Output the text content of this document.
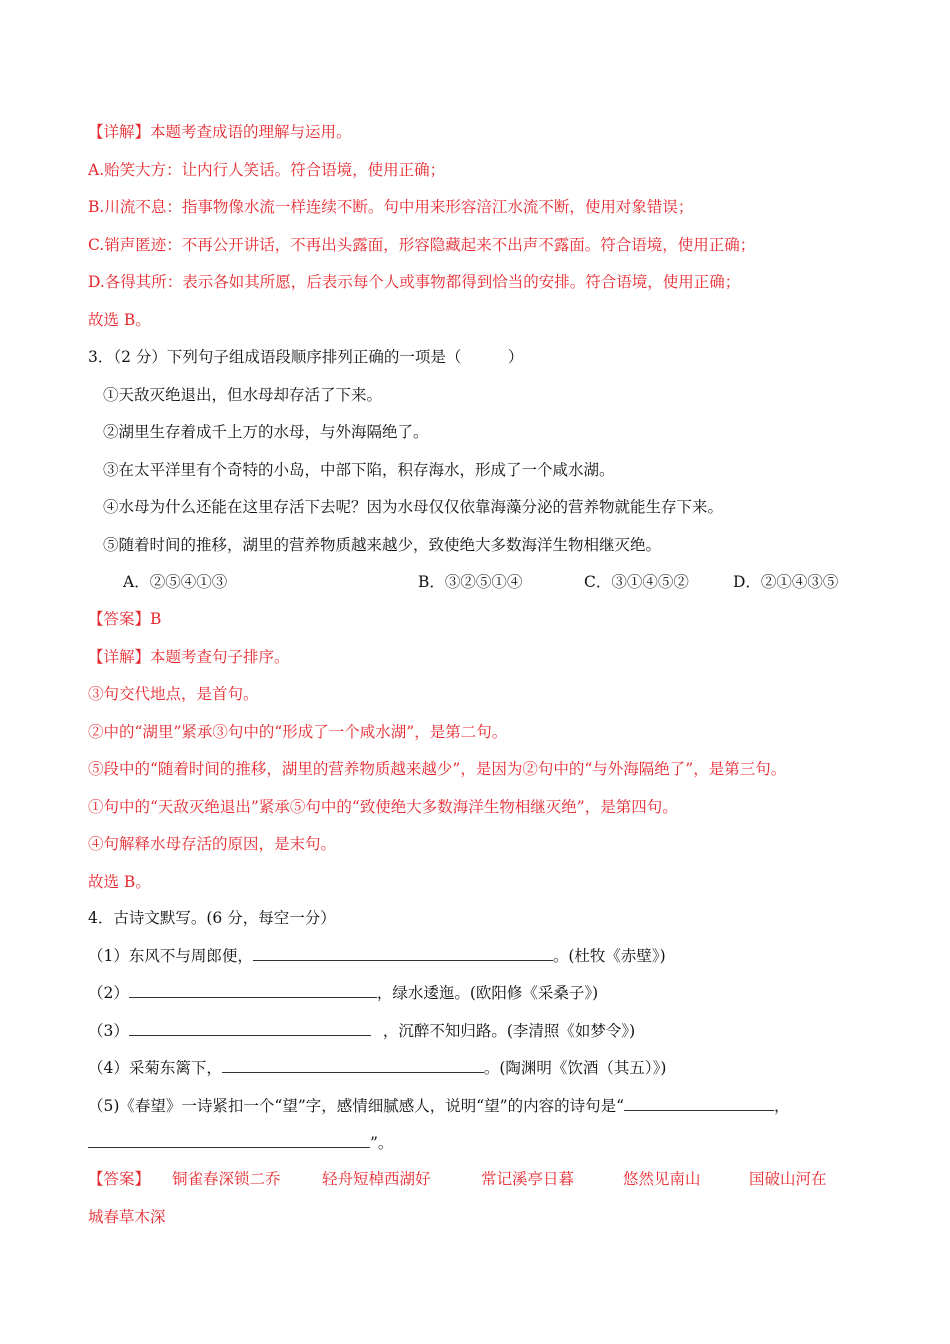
【详解】本题考查成语的理解与运用。
A.贻笑大方：让内行人笑话。符合语境，使用正确；
B.川流不息：指事物像水流一样连续不断。句中用来形容涪江水流不断，使用对象错误；
C.销声匿迹：不再公开讲话，不再出头露面，形容隐藏起来不出声不露面。符合语境，使用正确；
D.各得其所：表示各如其所愿，后表示每个人或事物都得到恰当的安排。符合语境，使用正确；
故选 B。
3．（2 分）下列句子组成语段顺序排列正确的一项是（　　　）
①天敌灭绝退出，但水母却存活了下来。
②湖里生存着成千上万的水母，与外海隔绝了。
③在太平洋里有个奇特的小岛，中部下陷，积存海水，形成了一个咸水湖。
④水母为什么还能在这里存活下去呢？因为水母仅仅依靠海藻分泌的营养物就能生存下来。
⑤随着时间的推移，湖里的营养物质越来越少，致使绝大多数海洋生物相继灭绝。
A．②⑤④①③	B．③②⑤①④	C．③①④⑤②	D．②①④③⑤
【答案】B
【详解】本题考查句子排序。
③句交代地点，是首句。
②中的“湖里”紧承③句中的“形成了一个咸水湖”，是第二句。
⑤段中的“随着时间的推移，湖里的营养物质越来越少”，是因为②句中的“与外海隔绝了”，是第三句。
①句中的“天敌灭绝退出”紧承⑤句中的“致使绝大多数海洋生物相继灭绝”，是第四句。
④句解释水母存活的原因，是末句。
故选 B。
4．古诗文默写。(6 分，每空一分）
（1）东风不与周郎便，	。(杜牧《赤壁》)
（2）	，绿水逶迤。(欧阳修《采桑子》)
（3）	，沉醉不知归路。(李清照《如梦令》)
（4）采菊东篱下，	。(陶渊明《饮酒（其五）》)
（5)《春望》一诗紧扣一个“望”字，感情细腻感人，说明“望”的内容的诗句是“	，
”。
【答案】 铜雀春深锁二乔	轻舟短棹西湖好	常记溪亭日暮	悠然见南山	国破山河在
城春草木深
